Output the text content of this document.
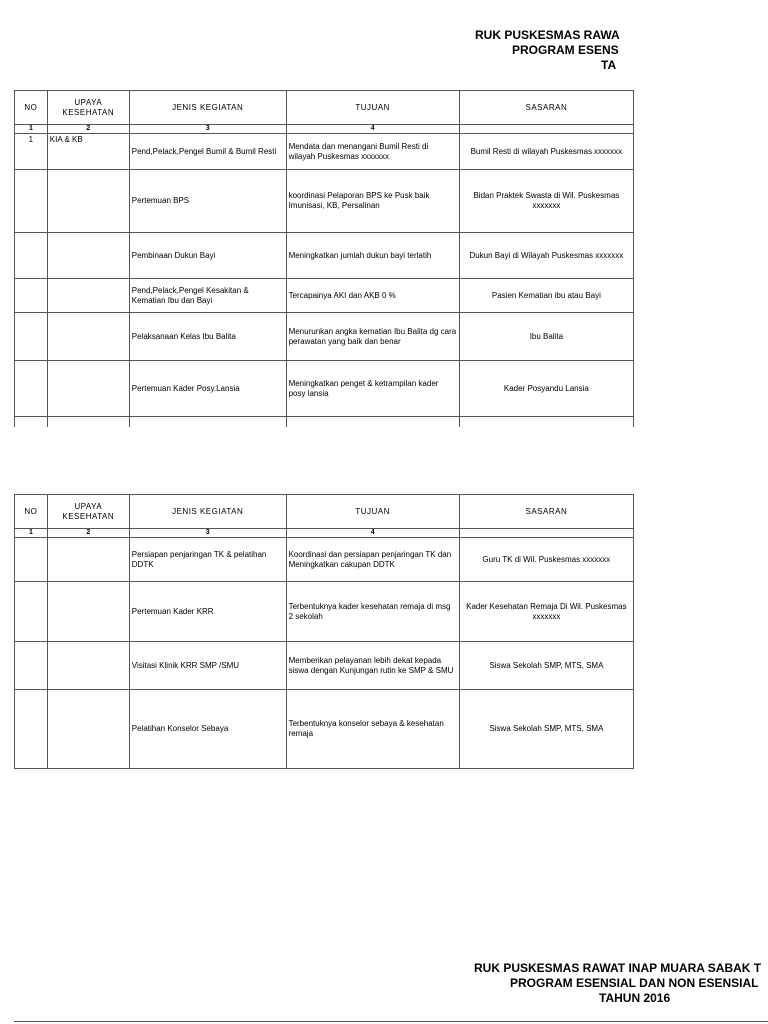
RUK PUSKESMAS RAWA
PROGRAM ESENS
TA
NO	UPAYA KESEHATAN	JENIS KEGIATAN	TUJUAN	SASARAN
1	2	3	4	
1	KIA & KB	Pend,Pelack,Pengel Bumil & Bumil Resti	Mendata dan menangani Bumil Resti di wilayah Puskesmas xxxxxxx	Bumil Resti di wilayah Puskesmas xxxxxxx
		Pertemuan BPS	koordinasi Pelaporan BPS ke Pusk baik Imunisasi, KB, Persalinan	Bidan Praktek Swasta di Wil. Puskesmas xxxxxxx
		Pembinaan Dukun Bayi	Meningkatkan jumlah dukun bayi terlatih	Dukun Bayi di Wilayah Puskesmas xxxxxxx
		Pend,Pelack,Pengel Kesakitan & Kematian Ibu dan Bayi	Tercapainya AKI dan AKB 0 %	Pasien Kematian ibu atau Bayi
		Pelaksanaan Kelas Ibu Balita	Menurunkan angka kematian Ibu Balita dg cara perawatan yang baik dan benar	Ibu Balita
		Pertemuan Kader Posy.Lansia	Meningkatkan penget & ketrampilan kader posy lansia	Kader Posyandu Lansia

NO	UPAYA KESEHATAN	JENIS KEGIATAN	TUJUAN	SASARAN
1	2	3	4	
		Persiapan penjaringan TK & pelatihan DDTK	Koordinasi dan persiapan penjaringan TK dan Meningkatkan cakupan DDTK	Guru TK di Wil. Puskesmas xxxxxxx
		Pertemuan Kader KRR	Terbentuknya kader kesehatan remaja di msg 2 sekolah	Kader Kesehatan Remaja Di Wil. Puskesmas xxxxxxx
		Visitasi Klinik KRR SMP /SMU	Memberikan pelayanan lebih dekat kepada siswa dengan Kunjungan rutin ke SMP & SMU	Siswa Sekolah SMP, MTS, SMA
		Pelatihan Konselor Sebaya	Terbentuknya konselor sebaya & kesehatan remaja	Siswa Sekolah SMP, MTS, SMA
RUK PUSKESMAS RAWAT INAP MUARA SABAK T
PROGRAM ESENSIAL DAN NON ESENSIAL
TAHUN 2016
